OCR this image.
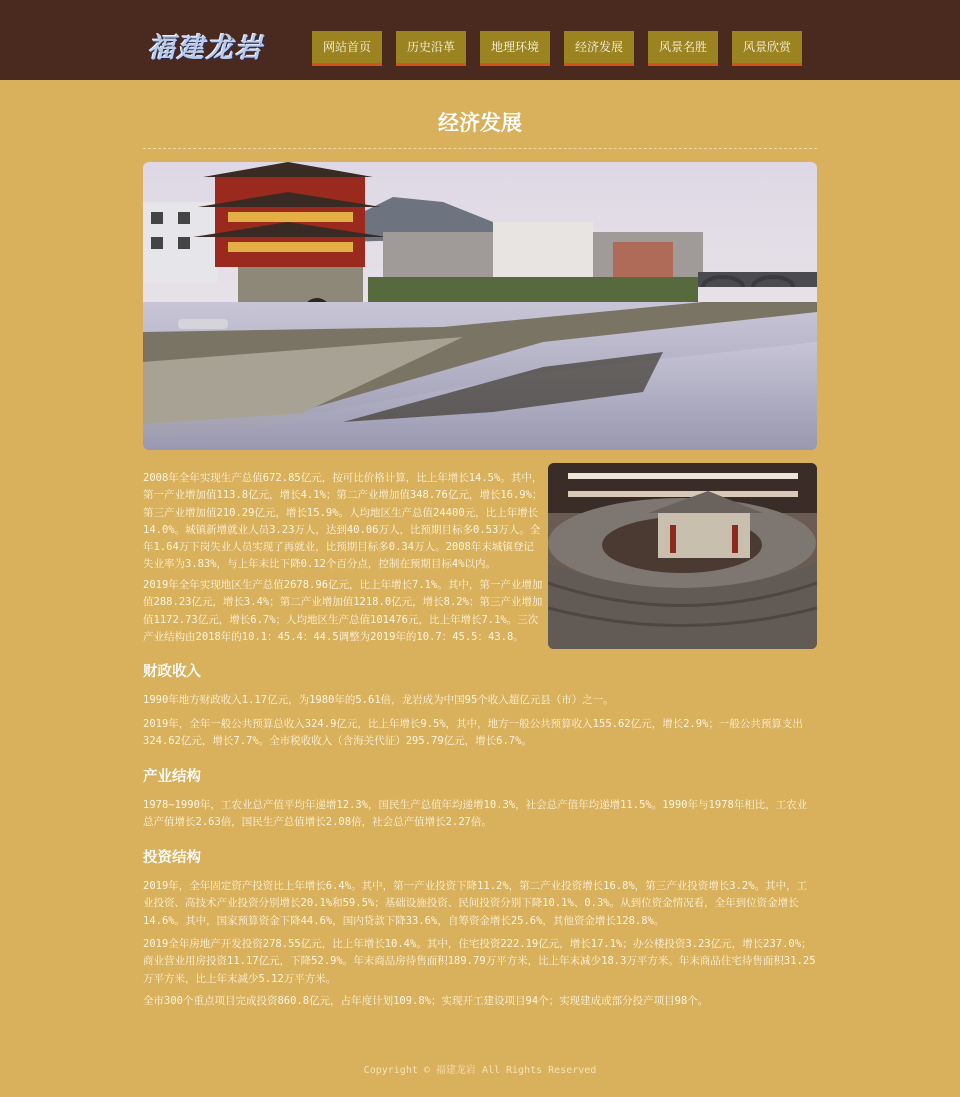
福建龙岩	网站首页	历史沿革	地理环境	经济发展	风景名胜	风景欣赏
经济发展
2008年全年实现生产总值672.85亿元，按可比价格计算，比上年增长14.5%。其中，第一产业增加值113.8亿元，增长4.1%；第二产业增加值348.76亿元，增长16.9%；第三产业增加值210.29亿元，增长15.9%。人均地区生产总值24400元，比上年增长14.0%。城镇新增就业人员3.23万人，达到40.06万人，比预期目标多0.53万人。全年1.64万下岗失业人员实现了再就业，比预期目标多0.34万人。2008年末城镇登记失业率为3.83%，与上年末比下降0.12个百分点，控制在预期目标4%以内。
2019年全年实现地区生产总值2678.96亿元，比上年增长7.1%。其中，第一产业增加值288.23亿元，增长3.4%；第二产业增加值1218.0亿元，增长8.2%；第三产业增加值1172.73亿元，增长6.7%；人均地区生产总值101476元，比上年增长7.1%。三次产业结构由2018年的10.1：45.4：44.5调整为2019年的10.7：45.5：43.8。
财政收入
1990年地方财政收入1.17亿元，为1980年的5.61倍，龙岩成为中国95个收入超亿元县（市）之一。
2019年，全年一般公共预算总收入324.9亿元，比上年增长9.5%，其中，地方一般公共预算收入155.62亿元，增长2.9%；一般公共预算支出324.62亿元，增长7.7%。全市税收收入（含海关代征）295.79亿元，增长6.7%。
产业结构
1978~1990年，工农业总产值平均年递增12.3%，国民生产总值年均递增10.3%，社会总产值年均递增11.5%。1990年与1978年相比，工农业总产值增长2.63倍，国民生产总值增长2.08倍，社会总产值增长2.27倍。
投资结构
2019年，全年固定资产投资比上年增长6.4%。其中，第一产业投资下降11.2%，第二产业投资增长16.8%，第三产业投资增长3.2%。其中，工业投资、高技术产业投资分别增长20.1%和59.5%；基础设施投资、民间投资分别下降10.1%、0.3%。从到位资金情况看，全年到位资金增长14.6%。其中，国家预算资金下降44.6%，国内贷款下降33.6%，自筹资金增长25.6%，其他资金增长128.8%。
2019全年房地产开发投资278.55亿元，比上年增长10.4%。其中，住宅投资222.19亿元，增长17.1%；办公楼投资3.23亿元，增长237.0%；商业营业用房投资11.17亿元，下降52.9%。年末商品房待售面积189.79万平方米，比上年末减少18.3万平方米。年末商品住宅待售面积31.25万平方米，比上年末减少5.12万平方米。
全市300个重点项目完成投资860.8亿元，占年度计划109.8%；实现开工建设项目94个；实现建成或部分投产项目98个。
Copyright © 福建龙岩 All Rights Reserved
